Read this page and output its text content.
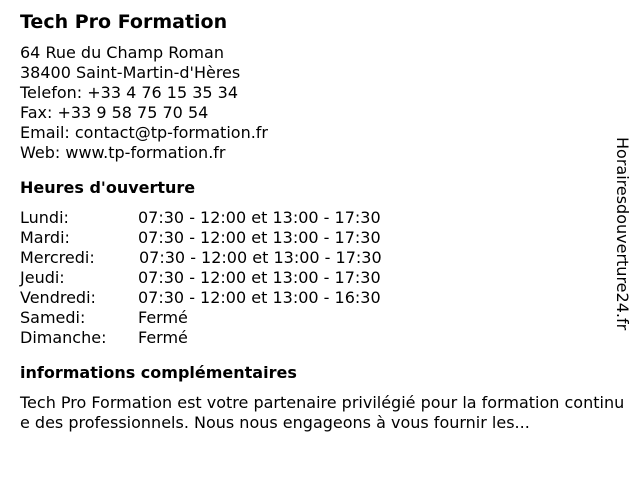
Tech Pro Formation
64 Rue du Champ Roman
38400 Saint-Martin-d'Hères
Telefon: +33 4 76 15 35 34
Fax: +33 9 58 75 70 54
Email: contact@tp-formation.fr
Web: www.tp-formation.fr
Heures d'ouverture
Lundi:	07:30 - 12:00 et 13:00 - 17:30
Mardi:	07:30 - 12:00 et 13:00 - 17:30
Mercredi:	07:30 - 12:00 et 13:00 - 17:30
Jeudi:	07:30 - 12:00 et 13:00 - 17:30
Vendredi:	07:30 - 12:00 et 13:00 - 16:30
Samedi:	Fermé
Dimanche: Fermé
informations complémentaires
Tech Pro Formation est votre partenaire privilégié pour la formation continue des professionnels. Nous nous engageons à vous fournir les...
Horairesdouverture24.fr
